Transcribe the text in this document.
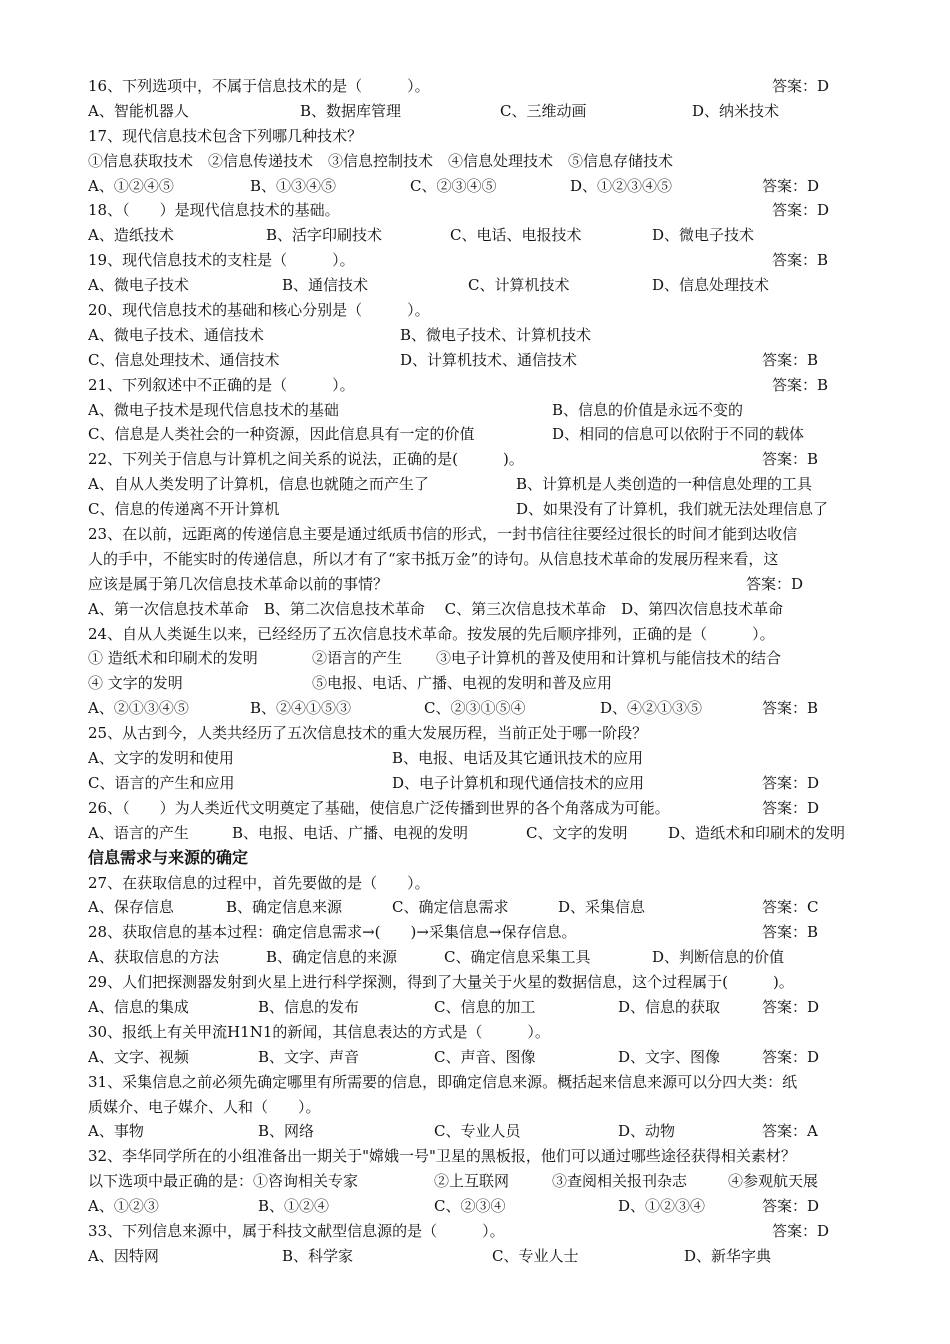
16、下列选项中，不属于信息技术的是（　　　）。	答案：D
A、智能机器人	B、数据库管理	C、三维动画	D、纳米技术
17、现代信息技术包含下列哪几种技术？
①信息获取技术　②信息传递技术　③信息控制技术　④信息处理技术　⑤信息存储技术
A、①②④⑤	B、①③④⑤	C、②③④⑤	D、①②③④⑤	答案：D
18、（　　）是现代信息技术的基础。	答案：D
A、造纸技术	B、活字印刷技术	C、电话、电报技术	D、微电子技术
19、现代信息技术的支柱是（　　　）。	答案：B
A、微电子技术	B、通信技术	C、计算机技术	D、信息处理技术
20、现代信息技术的基础和核心分别是（　　　）。
A、微电子技术、通信技术	B、微电子技术、计算机技术
C、信息处理技术、通信技术	D、计算机技术、通信技术	答案：B
21、下列叙述中不正确的是（　　　）。	答案：B
A、微电子技术是现代信息技术的基础	B、信息的价值是永远不变的
C、信息是人类社会的一种资源，因此信息具有一定的价值	D、相同的信息可以依附于不同的载体
22、下列关于信息与计算机之间关系的说法，正确的是(　　　)。	答案：B
A、自从人类发明了计算机，信息也就随之而产生了	B、计算机是人类创造的一种信息处理的工具
C、信息的传递离不开计算机	D、如果没有了计算机，我们就无法处理信息了
23、在以前，远距离的传递信息主要是通过纸质书信的形式，一封书信往往要经过很长的时间才能到达收信
人的手中，不能实时的传递信息，所以才有了“家书抵万金”的诗句。从信息技术革命的发展历程来看，这
应该是属于第几次信息技术革命以前的事情？	答案：D
A、第一次信息技术革命　B、第二次信息技术革命　 C、第三次信息技术革命　D、第四次信息技术革命
24、自从人类诞生以来，已经经历了五次信息技术革命。按发展的先后顺序排列，正确的是（　　　）。
① 造纸术和印刷术的发明	②语言的产生 ③电子计算机的普及使用和计算机与能信技术的结合
④ 文字的发明	⑤电报、电话、广播、电视的发明和普及应用
A、②①③④⑤	B、②④①⑤③	C、②③①⑤④	D、④②①③⑤	答案：B
25、从古到今，人类共经历了五次信息技术的重大发展历程，当前正处于哪一阶段？
A、文字的发明和使用	B、电报、电话及其它通讯技术的应用
C、语言的产生和应用	D、电子计算机和现代通信技术的应用	答案：D
26、（　　）为人类近代文明奠定了基础，使信息广泛传播到世界的各个角落成为可能。	答案：D
A、语言的产生	B、电报、电话、广播、电视的发明	C、文字的发明	D、造纸术和印刷术的发明
信息需求与来源的确定
27、在获取信息的过程中，首先要做的是（　　）。
A、保存信息	B、确定信息来源	C、确定信息需求	D、采集信息	答案：C
28、获取信息的基本过程：确定信息需求→(　　)→采集信息→保存信息。	答案：B
A、获取信息的方法	B、确定信息的来源	C、确定信息采集工具	D、判断信息的价值
29、人们把探测器发射到火星上进行科学探测，得到了大量关于火星的数据信息，这个过程属于(　　　)。
A、信息的集成	B、信息的发布	C、信息的加工	D、信息的获取	答案：D
30、报纸上有关甲流H1N1的新闻，其信息表达的方式是（　　　）。
A、文字、视频	B、文字、声音	C、声音、图像	D、文字、图像	答案：D
31、采集信息之前必须先确定哪里有所需要的信息，即确定信息来源。概括起来信息来源可以分四大类：纸
质媒介、电子媒介、人和（　　）。
A、事物	B、网络	C、专业人员	D、动物	答案：A
32、李华同学所在的小组准备出一期关于"嫦娥一号"卫星的黑板报，他们可以通过哪些途径获得相关素材？
以下选项中最正确的是：①咨询相关专家	②上互联网	③查阅相关报刊杂志	④参观航天展
A、①②③	B、①②④	C、②③④	D、①②③④	答案：D
33、下列信息来源中，属于科技文献型信息源的是（　　　）。	答案：D
A、因特网	B、科学家	C、专业人士	D、新华字典
